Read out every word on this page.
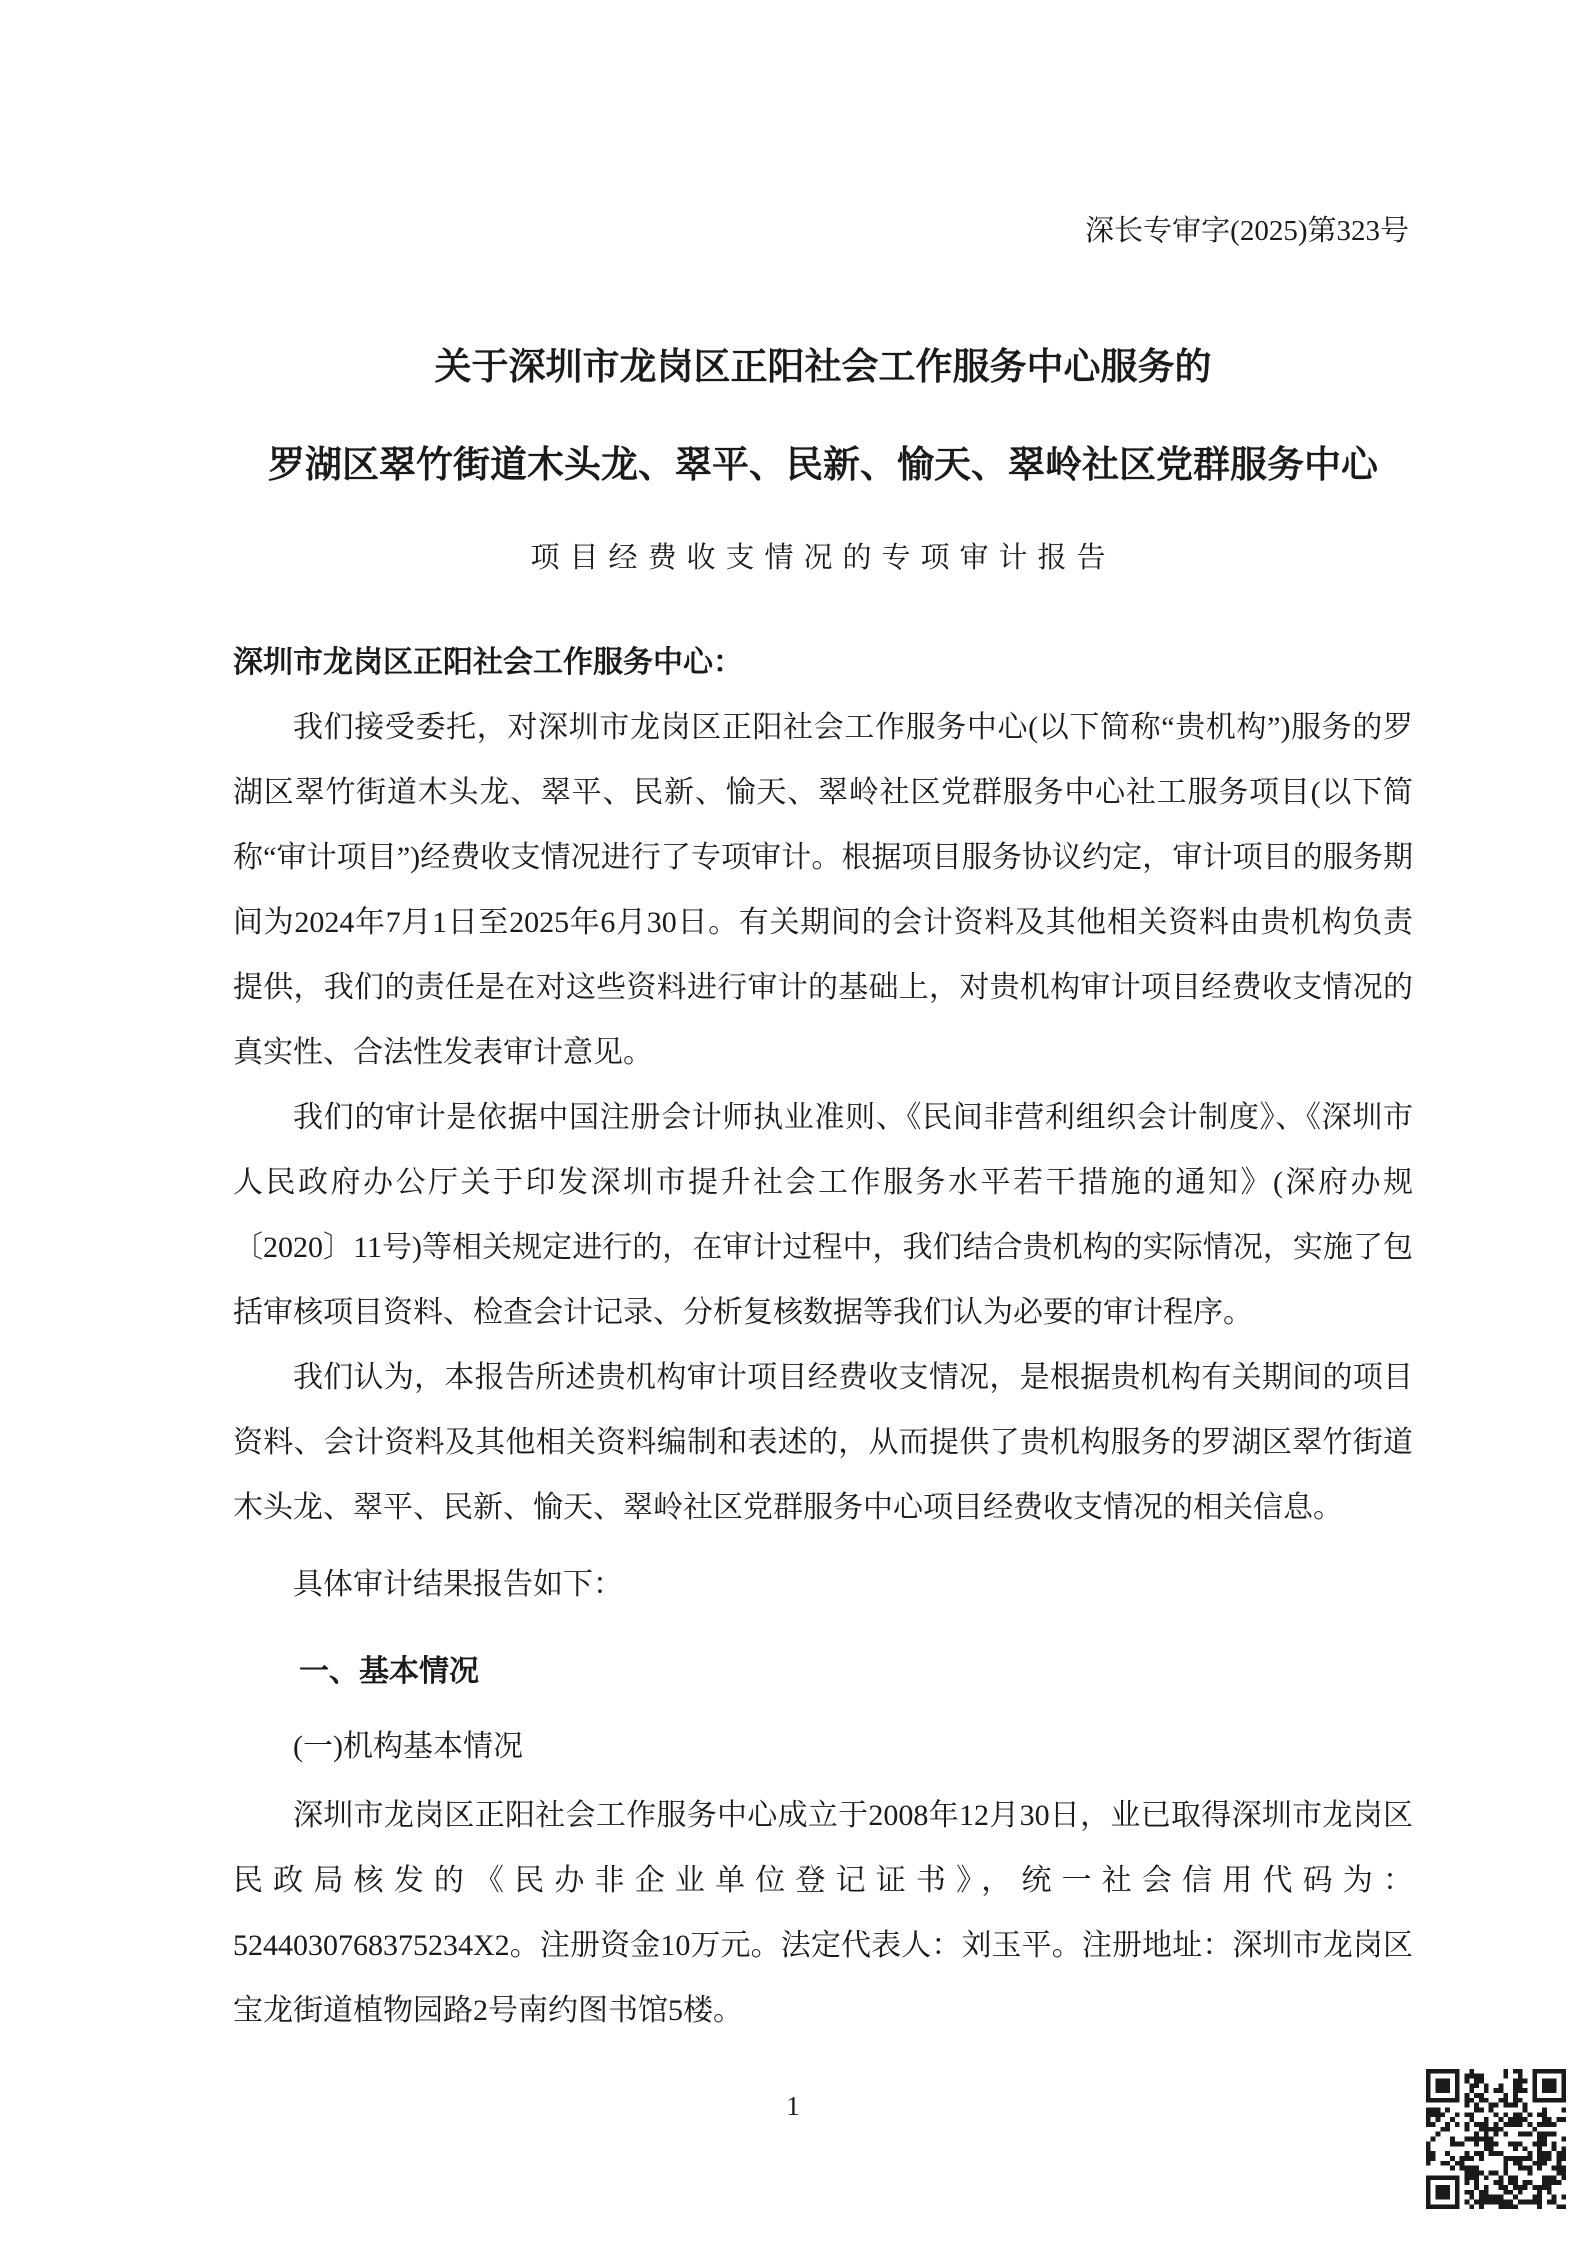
深长专审字(2025)第323号
关于深圳市龙岗区正阳社会工作服务中心服务的
罗湖区翠竹街道木头龙、翠平、民新、愉天、翠岭社区党群服务中心
项目经费收支情况的专项审计报告
深圳市龙岗区正阳社会工作服务中心：

我们接受委托，对深圳市龙岗区正阳社会工作服务中心(以下简称“贵机构”)服务的罗湖区翠竹街道木头龙、翠平、民新、愉天、翠岭社区党群服务中心社工服务项目(以下简称“审计项目”)经费收支情况进行了专项审计。根据项目服务协议约定，审计项目的服务期间为2024年7月1日至2025年6月30日。有关期间的会计资料及其他相关资料由贵机构负责提供，我们的责任是在对这些资料进行审计的基础上，对贵机构审计项目经费收支情况的真实性、合法性发表审计意见。

我们的审计是依据中国注册会计师执业准则、《民间非营利组织会计制度》、《深圳市人民政府办公厅关于印发深圳市提升社会工作服务水平若干措施的通知》(深府办规〔2020〕11号)等相关规定进行的，在审计过程中，我们结合贵机构的实际情况，实施了包括审核项目资料、检查会计记录、分析复核数据等我们认为必要的审计程序。

我们认为，本报告所述贵机构审计项目经费收支情况，是根据贵机构有关期间的项目资料、会计资料及其他相关资料编制和表述的，从而提供了贵机构服务的罗湖区翠竹街道木头龙、翠平、民新、愉天、翠岭社区党群服务中心项目经费收支情况的相关信息。

具体审计结果报告如下：

一、基本情况
(一)机构基本情况

深圳市龙岗区正阳社会工作服务中心成立于2008年12月30日，业已取得深圳市龙岗区民政局核发的《民办非企业单位登记证书》，统一社会信用代码为：5244030768375234X2。注册资金10万元。法定代表人：刘玉平。注册地址：深圳市龙岗区宝龙街道植物园路2号南约图书馆5楼。

1
